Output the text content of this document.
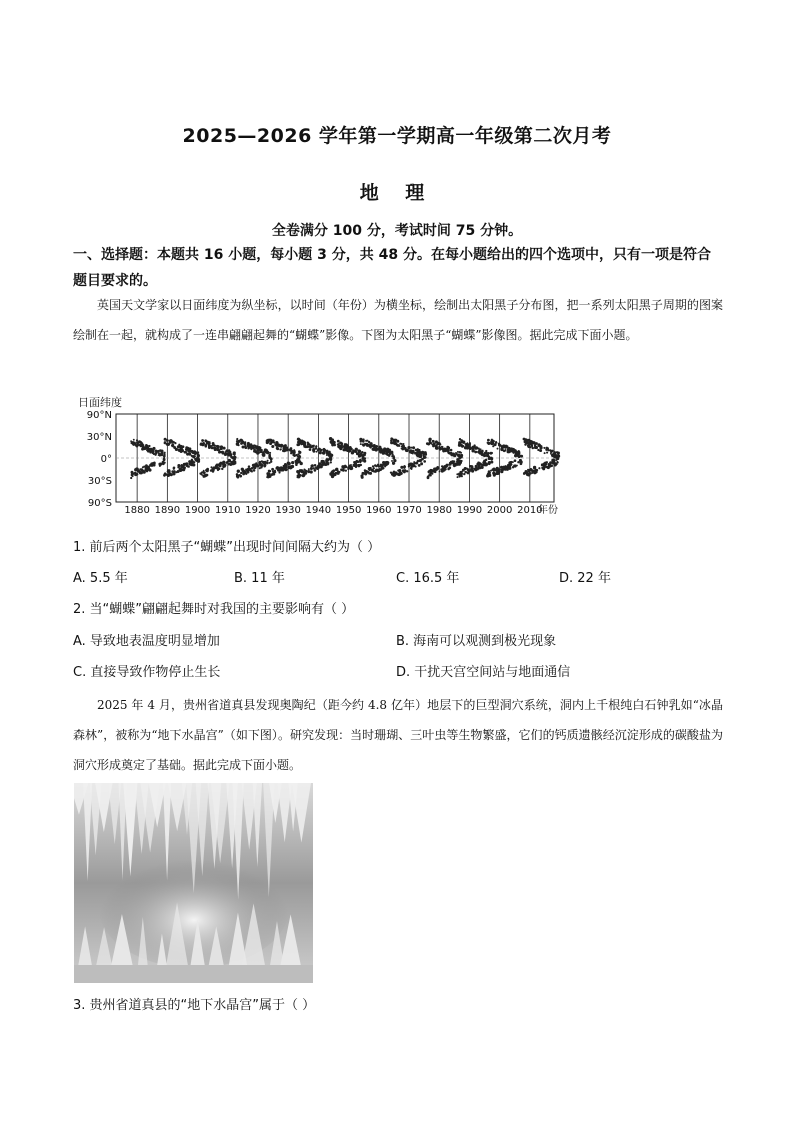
2025—2026 学年第一学期高一年级第二次月考
地 理
全卷满分 100 分，考试时间 75 分钟。
一、选择题：本题共 16 小题，每小题 3 分，共 48 分。在每小题给出的四个选项中，只有一项是符合题目要求的。
英国天文学家以日面纬度为纵坐标，以时间（年份）为横坐标，绘制出太阳黑子分布图，把一系列太阳黑子周期的图案绘制在一起，就构成了一连串翩翩起舞的“蝴蝶”影像。下图为太阳黑子“蝴蝶”影像图。据此完成下面小题。
日面纬度
90°N
30°N
0°
30°S
90°S
1880 1890 1900 1910 1920 1930 1940 1950 1960 1970 1980 1990 2000 2010
年份
1. 前后两个太阳黑子“蝴蝶”出现时间间隔大约为（ ）
A. 5.5 年	B. 11 年	C. 16.5 年	D. 22 年
2. 当“蝴蝶”翩翩起舞时对我国的主要影响有（ ）
A. 导致地表温度明显增加	B. 海南可以观测到极光现象
C. 直接导致作物停止生长	D. 干扰天宫空间站与地面通信
2025 年 4 月，贵州省道真县发现奥陶纪（距今约 4.8 亿年）地层下的巨型洞穴系统，洞内上千根纯白石钟乳如“冰晶森林”，被称为“地下水晶宫”（如下图）。研究发现：当时珊瑚、三叶虫等生物繁盛，它们的钙质遗骸经沉淀形成的碳酸盐为洞穴形成奠定了基础。据此完成下面小题。
3. 贵州省道真县的“地下水晶宫”属于（ ）
